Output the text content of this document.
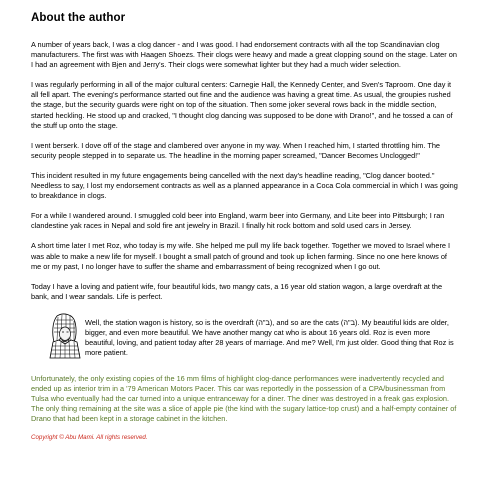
About the author

A number of years back, I was a clog dancer - and I was good. I had endorsement contracts with all the top Scandinavian clog manufacturers. The first was with Haagen Shoezs. Their clogs were heavy and made a great clopping sound on the stage. Later on I had an agreement with Bjen and Jerry's. Their clogs were somewhat lighter but they had a much wider selection.

I was regularly performing in all of the major cultural centers: Carnegie Hall, the Kennedy Center, and Sven's Taproom. One day it all fell apart. The evening's performance started out fine and the audience was having a great time. As usual, the groupies rushed the stage, but the security guards were right on top of the situation. Then some joker several rows back in the middle section, started heckling. He stood up and cracked, "I thought clog dancing was supposed to be done with Drano!", and he tossed a can of the stuff up onto the stage.

I went berserk. I dove off of the stage and clambered over anyone in my way. When I reached him, I started throttling him. The security people stepped in to separate us. The headline in the morning paper screamed, "Dancer Becomes Unclogged!"

This incident resulted in my future engagements being cancelled with the next day's headline reading, "Clog dancer booted." Needless to say, I lost my endorsement contracts as well as a planned appearance in a Coca Cola commercial in which I was going to breakdance in clogs.

For a while I wandered around. I smuggled cold beer into England, warm beer into Germany, and Lite beer into Pittsburgh; I ran clandestine yak races in Nepal and sold fire ant jewelry in Brazil. I finally hit rock bottom and sold used cars in Jersey.

A short time later I met Roz, who today is my wife. She helped me pull my life back together. Together we moved to Israel where I was able to make a new life for myself. I bought a small patch of ground and took up lichen farming. Since no one here knows of me or my past, I no longer have to suffer the shame and embarrassment of being recognized when I go out.

Today I have a loving and patient wife, four beautiful kids, two mangy cats, a 16 year old station wagon, a large overdraft at the bank, and I wear sandals. Life is perfect.

Well, the station wagon is history, so is the overdraft (ב"ה), and so are the cats (ב"ה). My beautiful kids are older, bigger, and even more beautiful. We have another mangy cat who is about 16 years old. Roz is even more beautiful, loving, and patient today after 28 years of marriage. And me? Well, I'm just older. Good thing that Roz is more patient.

Unfortunately, the only existing copies of the 16 mm films of highlight clog-dance performances were inadvertently recycled and ended up as interior trim in a '79 American Motors Pacer. This car was reportedly in the possession of a CPA/businessman from Tulsa who eventually had the car turned into a unique entranceway for a diner. The diner was destroyed in a freak gas explosion. The only thing remaining at the site was a slice of apple pie (the kind with the sugary lattice-top crust) and a half-empty container of Drano that had been kept in a storage cabinet in the kitchen.

Copyright © Abu Mami. All rights reserved.
